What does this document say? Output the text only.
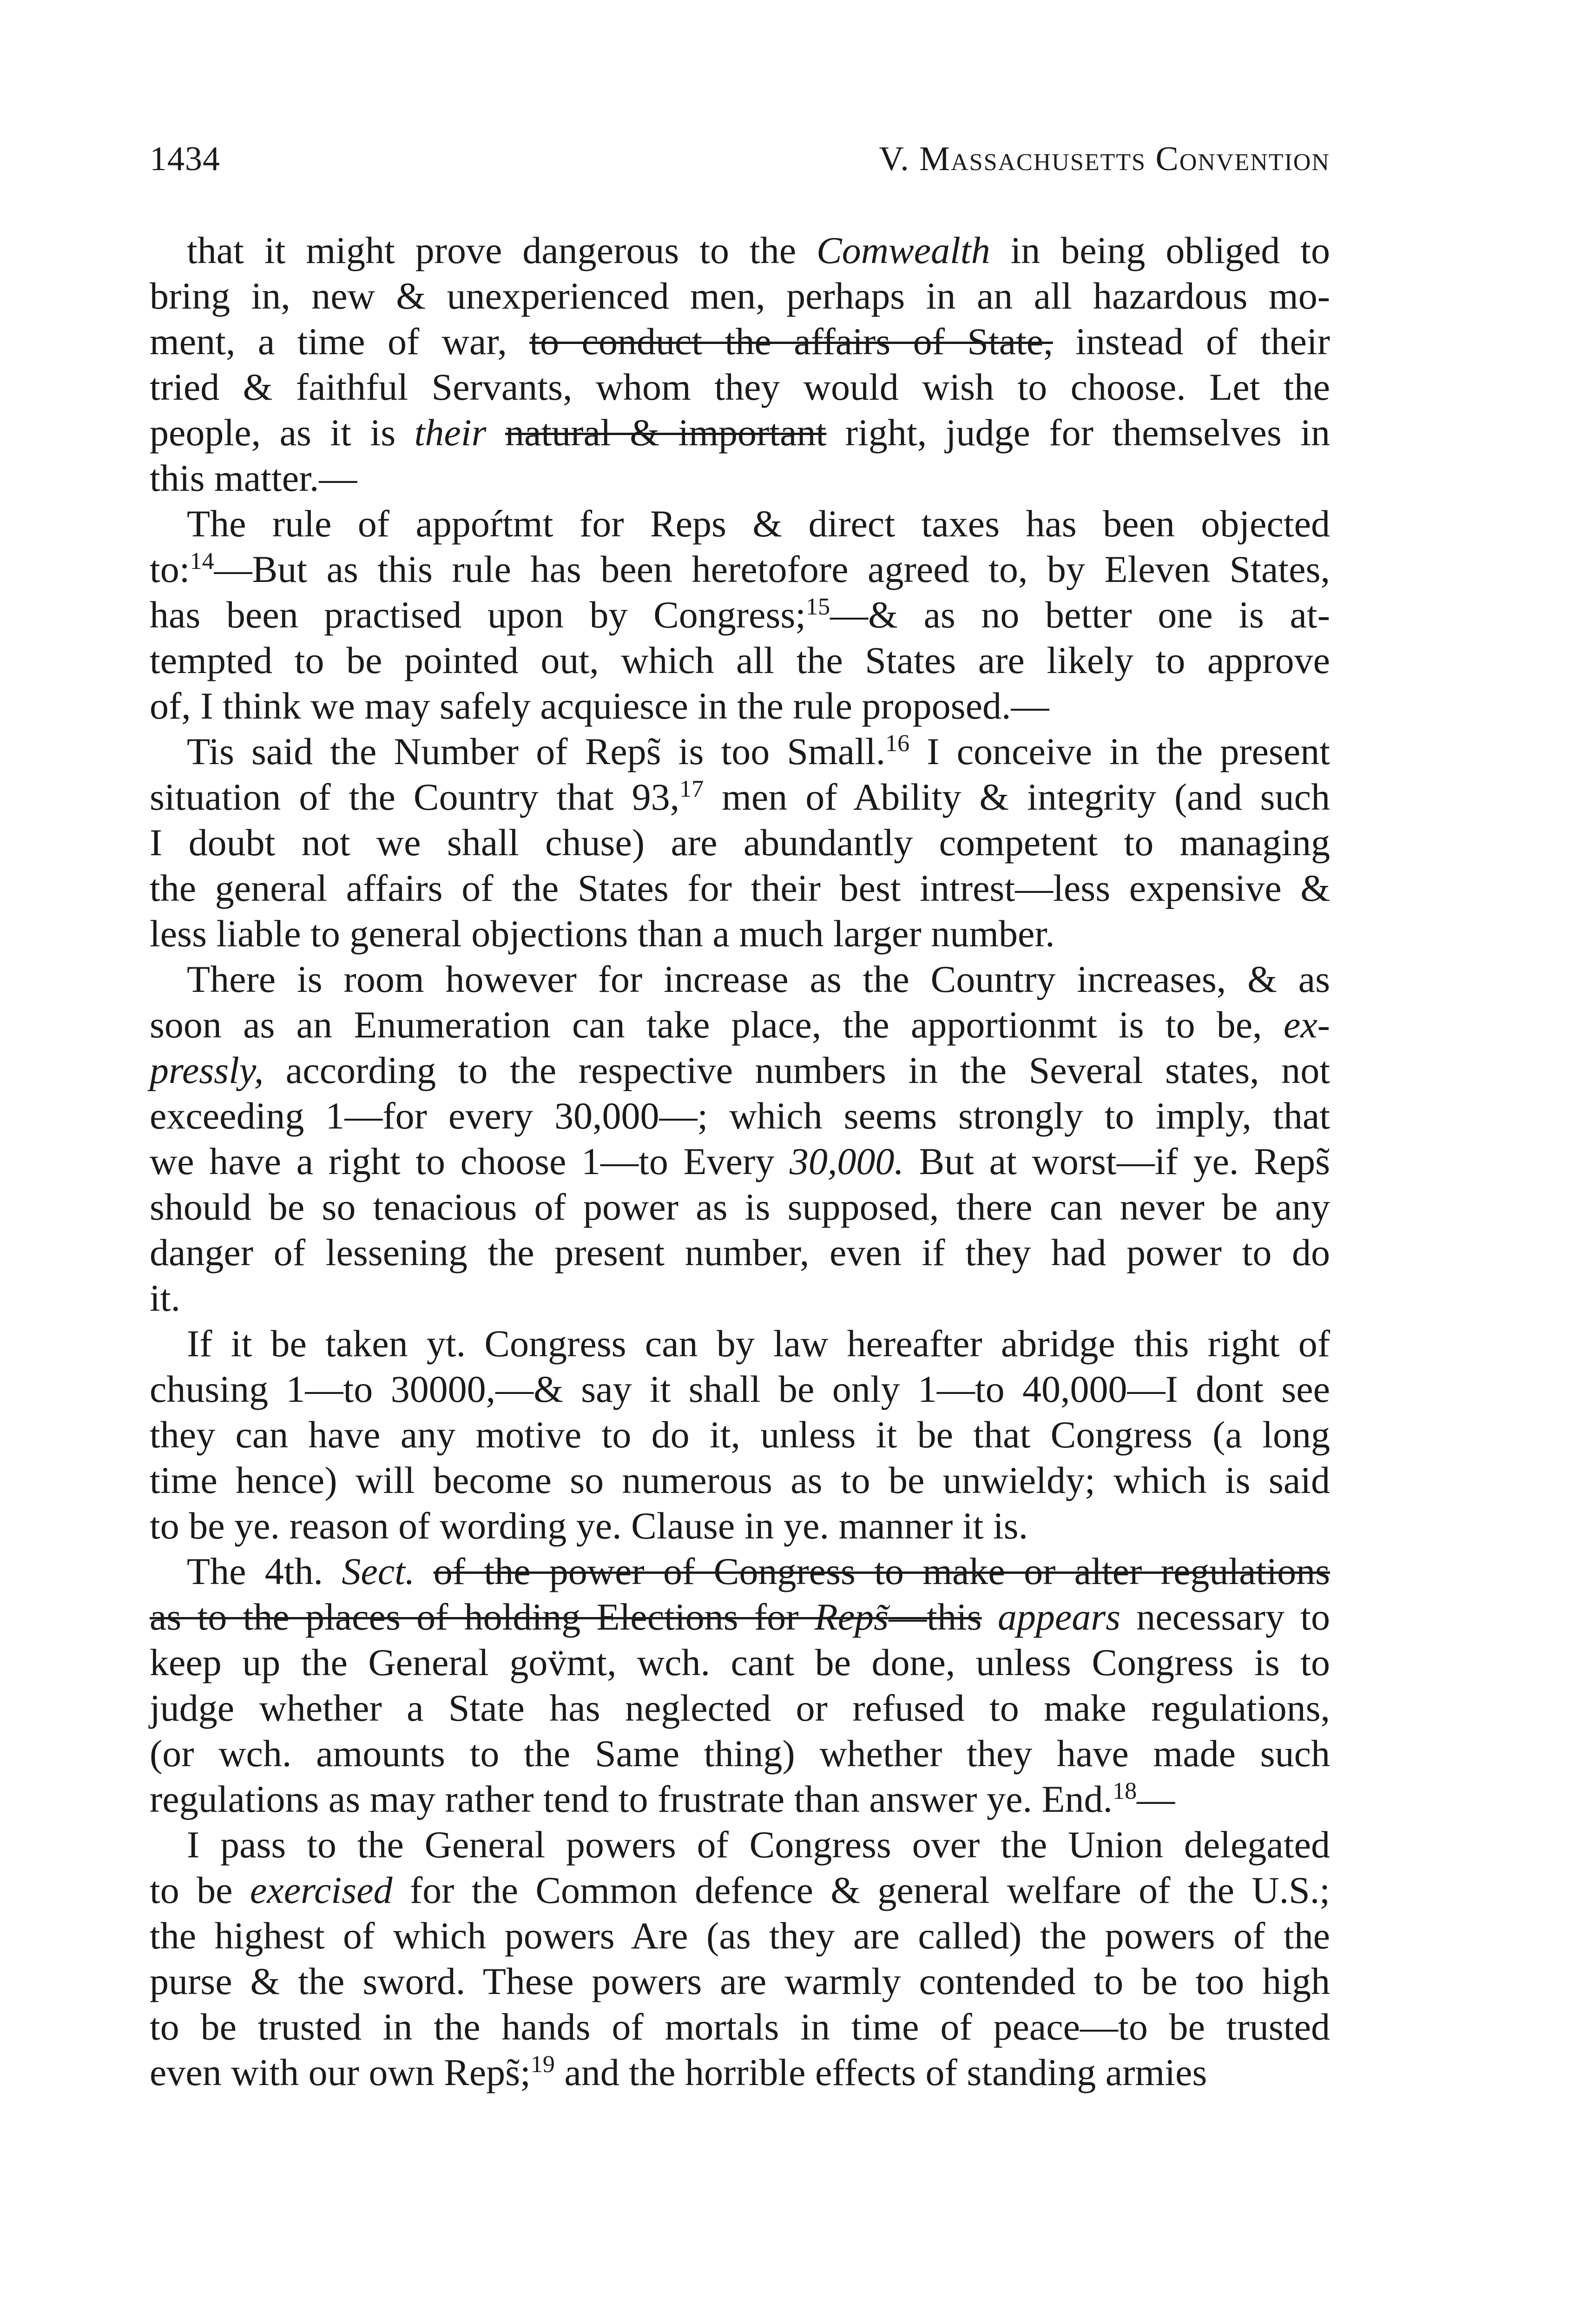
1434	V. Massachusetts Convention
that it might prove dangerous to the Comwealth in being obliged to
bring in, new & unexperienced men, perhaps in an all hazardous mo-
ment, a time of war, to conduct the affairs of State, instead of their
tried & faithful Servants, whom they would wish to choose. Let the
people, as it is their natural & important right, judge for themselves in
this matter.—
The rule of appoŕtmt for Reps & direct taxes has been objected
to:$^{14}$—But as this rule has been heretofore agreed to, by Eleven States,
has been practised upon by Congress;$^{15}$—& as no better one is at-
tempted to be pointed out, which all the States are likely to approve
of, I think we may safely acquiesce in the rule proposed.—
Tis said the Number of Reps̃ is too Small.$^{16}$ I conceive in the present
situation of the Country that 93,17 men of Ability & integrity (and such
I doubt not we shall chuse) are abundantly competent to managing
the general affairs of the States for their best intrest—less expensive &
less liable to general objections than a much larger number.
There is room however for increase as the Country increases, & as
soon as an Enumeration can take place, the apportionmt is to be, ex-
pressly, according to the respective numbers in the Several states, not
exceeding 1—for every 30,000—; which seems strongly to imply, that
we have a right to choose 1—to Every 30,000. But at worst—if ye. Reps̃
should be so tenacious of power as is supposed, there can never be any
danger of lessening the present number, even if they had power to do
it.
If it be taken yt. Congress can by law hereafter abridge this right of
chusing 1—to 30000,—& say it shall be only 1—to 40,000—I dont see
they can have any motive to do it, unless it be that Congress (a long
time hence) will become so numerous as to be unwieldy; which is said
to be ye. reason of wording ye. Clause in ye. manner it is.
The 4th. Sect. of the power of Congress to make or alter regulations
as to the places of holding Elections for Reps̃—this appears necessary to
keep up the General gov̈mt, wch. cant be done, unless Congress is to
judge whether a State has neglected or refused to make regulations,
(or wch. amounts to the Same thing) whether they have made such
regulations as may rather tend to frustrate than answer ye. End.$^{18}$—
I pass to the General powers of Congress over the Union delegated
to be exercised for the Common defence & general welfare of the U.S.;
the highest of which powers Are (as they are called) the powers of the
purse & the sword. These powers are warmly contended to be too high
to be trusted in the hands of mortals in time of peace—to be trusted
even with our own Reps̃;$^{19}$ and the horrible effects of standing armies
